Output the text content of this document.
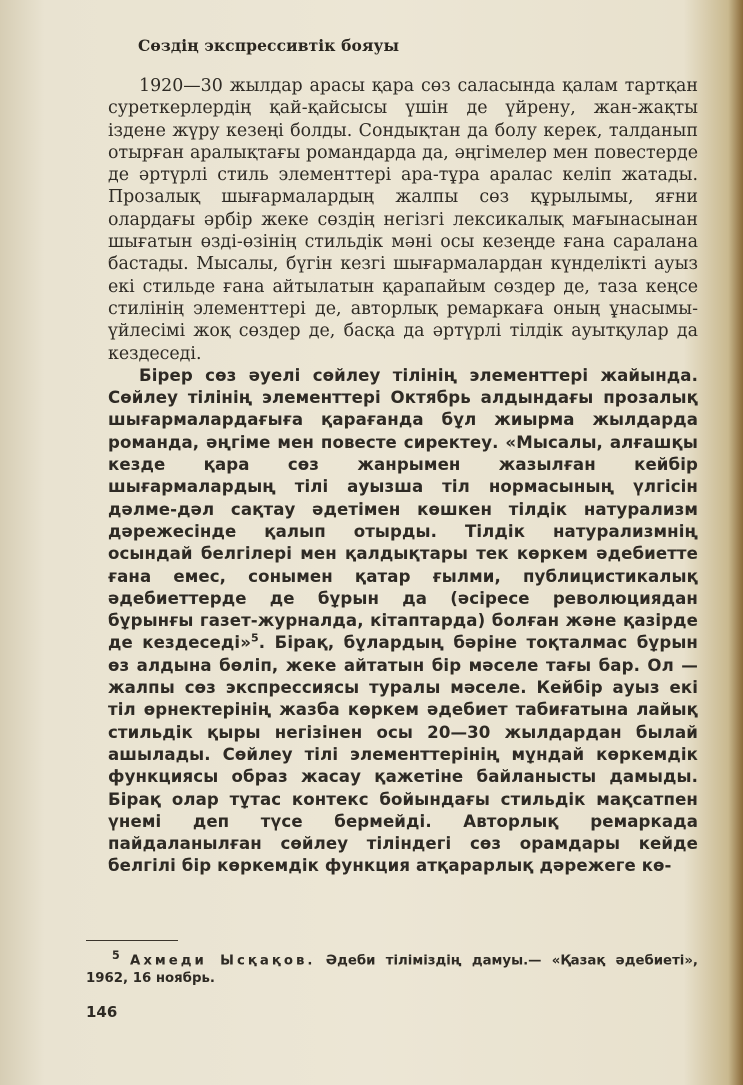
Сөздің экспрессивтік бояуы

1920—30 жылдар арасы қара сөз саласында қалам тартқан суреткерлердің қай-қайсысы үшін де үйрену, жан-жақты іздене жүру кезеңі болды. Сондықтан да болу керек, талданып отырған аралықтағы романдарда да, әңгімелер мен повестерде де әртүрлі стиль элементтері ара-тұра аралас келіп жатады. Прозалық шығармалардың жалпы сөз құрылымы, яғни олардағы әрбір жеке сөздің негізгі лексикалық мағынасынан шығатын өзді-өзінің стильдік мәні осы кезеңде ғана саралана бастады. Мысалы, бүгін кезгі шығармалардан күнделікті ауыз екі стильде ғана айтылатын қарапайым сөздер де, таза кеңсе стилінің элементтері де, авторлық ремаркаға оның ұнасымы-үйлесімі жоқ сөздер де, басқа да әртүрлі тілдік ауытқулар да кездеседі.

Бірер сөз әуелі сөйлеу тілінің элементтері жайында. Сөйлеу тілінің элементтері Октябрь алдындағы прозалық шығармалардағыға қарағанда бұл жиырма жылдарда романда, әңгіме мен повесте сиректеу. «Мысалы, алғашқы кезде қара сөз жанрымен жазылған кейбір шығармалардың тілі ауызша тіл нормасының үлгісін дәлме-дәл сақтау әдетімен көшкен тілдік натурализм дәрежесінде қалып отырды. Тілдік натурализмнің осындай белгілері мен қалдықтары тек көркем әдебиетте ғана емес, сонымен қатар ғылми, публицистикалық әдебиеттерде де бұрын да (әсіресе революциядан бұрынғы газет-журналда, кітаптарда) болған және қазірде де кездеседі»$^5$. Бірақ, бұлардың бәріне тоқталмас бұрын өз алдына бөліп, жеке айтатын бір мәселе тағы бар. Ол — жалпы сөз экспрессиясы туралы мәселе. Кейбір ауыз екі тіл өрнектерінің жазба көркем әдебиет табиғатына лайық стильдік қыры негізінен осы 20—30 жылдардан былай ашылады. Сөйлеу тілі элементтерінің мұндай көркемдік функциясы образ жасау қажетіне байланысты дамыды. Бірақ олар тұтас контекс бойындағы стильдік мақсатпен үнемі деп түсе бермейді. Авторлық ремаркада пайдаланылған сөйлеу тіліндегі сөз орамдары кейде белгілі бір көркемдік функция атқарарлық дәрежеге кө-

$^5$ Ахмеди Ысқақов. Әдеби тіліміздің дамуы.— «Қазақ әдебиеті», 1962, 16 ноябрь.
146
